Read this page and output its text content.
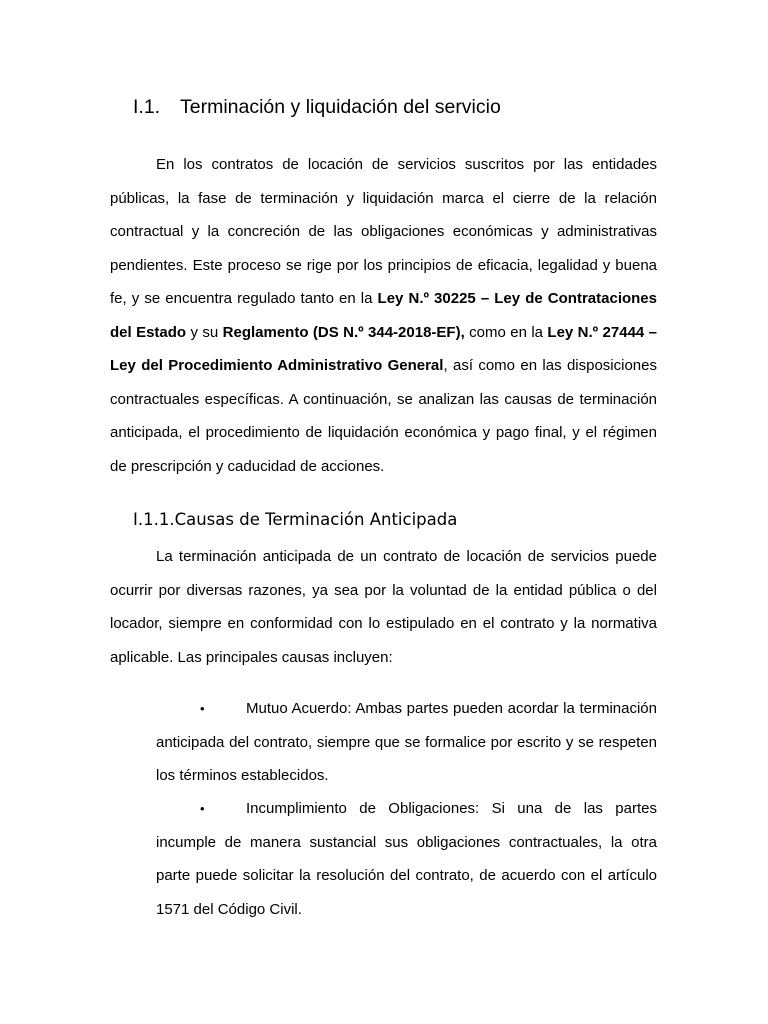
I.1. Terminación y liquidación del servicio

En los contratos de locación de servicios suscritos por las entidades públicas, la fase de terminación y liquidación marca el cierre de la relación contractual y la concreción de las obligaciones económicas y administrativas pendientes. Este proceso se rige por los principios de eficacia, legalidad y buena fe, y se encuentra regulado tanto en la Ley N.º 30225 – Ley de Contrataciones del Estado y su Reglamento (DS N.º 344-2018-EF), como en la Ley N.º 27444 – Ley del Procedimiento Administrativo General, así como en las disposiciones contractuales específicas. A continuación, se analizan las causas de terminación anticipada, el procedimiento de liquidación económica y pago final, y el régimen de prescripción y caducidad de acciones.

I.1.1.Causas de Terminación Anticipada

La terminación anticipada de un contrato de locación de servicios puede ocurrir por diversas razones, ya sea por la voluntad de la entidad pública o del locador, siempre en conformidad con lo estipulado en el contrato y la normativa aplicable. Las principales causas incluyen:

•	Mutuo Acuerdo: Ambas partes pueden acordar la terminación anticipada del contrato, siempre que se formalice por escrito y se respeten los términos establecidos.

•	Incumplimiento de Obligaciones: Si una de las partes incumple de manera sustancial sus obligaciones contractuales, la otra parte puede solicitar la resolución del contrato, de acuerdo con el artículo 1571 del Código Civil.
